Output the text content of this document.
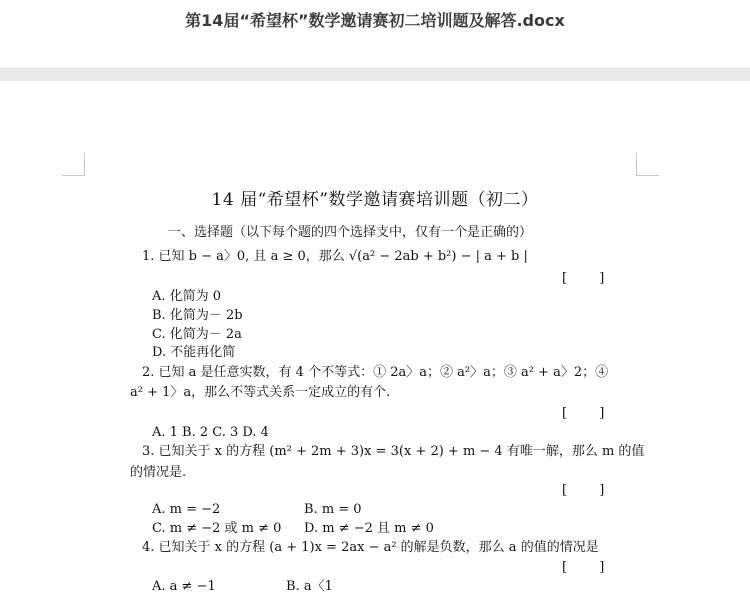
第14届“希望杯”数学邀请赛初二培训题及解答.docx
14 届“希望杯”数学邀请赛培训题（初二）
一、选择题（以下每个题的四个选择支中，仅有一个是正确的）
1. 已知 b − a〉0, 且 a ≥ 0，那么 √(a² − 2ab + b²) − | a + b |
[ ]
A. 化简为 0
B. 化简为－ 2b
C. 化简为－ 2a
D. 不能再化简
2. 已知 a 是任意实数，有 4 个不等式：① 2a〉a；② a²〉a；③ a² + a〉2；④
a² + 1〉a，那么不等式关系一定成立的有个.
[ ]
A. 1 B. 2 C. 3 D. 4
3. 已知关于 x 的方程 (m² + 2m + 3)x = 3(x + 2) + m − 4 有唯一解，那么 m 的值
的情况是.
[ ]
A. m = −2	B. m = 0
C. m ≠ −2 或 m ≠ 0 D. m ≠ −2 且 m ≠ 0
4. 已知关于 x 的方程 (a + 1)x = 2ax − a² 的解是负数，那么 a 的值的情况是
[ ]
A. a ≠ −1	B. a〈1
